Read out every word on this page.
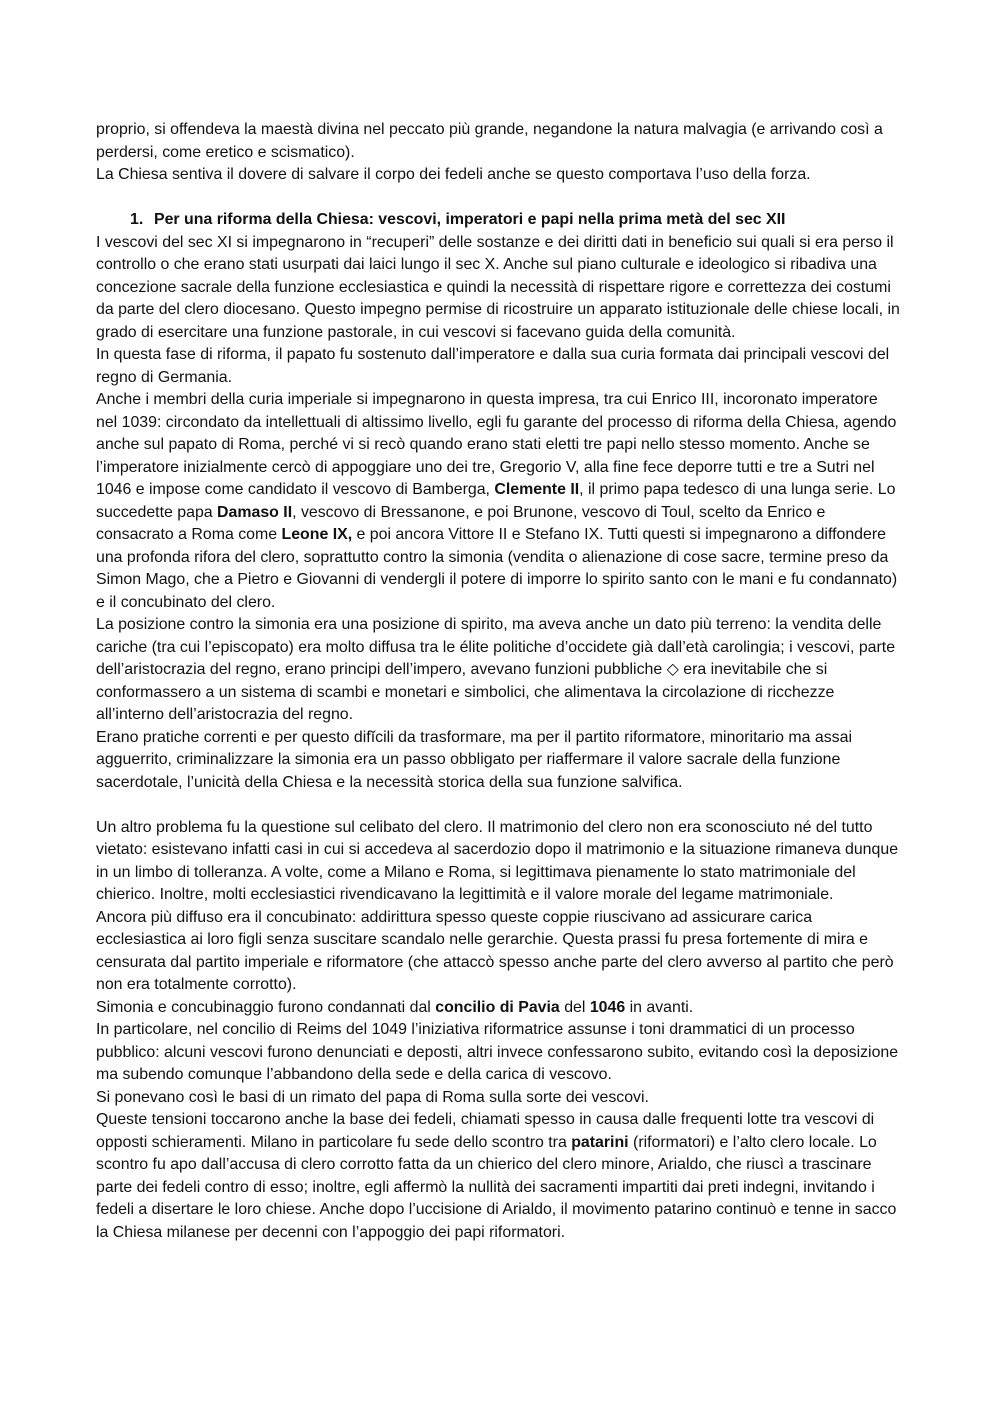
proprio, si offendeva la maestà divina nel peccato più grande, negandone la natura malvagia (e arrivando così a perdersi, come eretico e scismatico).

La Chiesa sentiva il dovere di salvare il corpo dei fedeli anche se questo comportava l’uso della forza.

1. Per una riforma della Chiesa: vescovi, imperatori e papi nella prima metà del sec XII

I vescovi del sec XI si impegnarono in “recuperi” delle sostanze e dei diritti dati in beneficio sui quali si era perso il controllo o che erano stati usurpati dai laici lungo il sec X. Anche sul piano culturale e ideologico si ribadiva una concezione sacrale della funzione ecclesiastica e quindi la necessità di rispettare rigore e correttezza dei costumi da parte del clero diocesano. Questo impegno permise di ricostruire un apparato istituzionale delle chiese locali, in grado di esercitare una funzione pastorale, in cui vescovi si facevano guida della comunità.

In questa fase di riforma, il papato fu sostenuto dall’imperatore e dalla sua curia formata dai principali vescovi del regno di Germania.

Anche i membri della curia imperiale si impegnarono in questa impresa, tra cui Enrico III, incoronato imperatore nel 1039: circondato da intellettuali di altissimo livello, egli fu garante del processo di riforma della Chiesa, agendo anche sul papato di Roma, perché vi si recò quando erano stati eletti tre papi nello stesso momento. Anche se l’imperatore inizialmente cercò di appoggiare uno dei tre, Gregorio V, alla fine fece deporre tutti e tre a Sutri nel 1046 e impose come candidato il vescovo di Bamberga, Clemente II, il primo papa tedesco di una lunga serie. Lo succedette papa Damaso II, vescovo di Bressanone, e poi Brunone, vescovo di Toul, scelto da Enrico e consacrato a Roma come Leone IX, e poi ancora Vittore II e Stefano IX. Tutti questi si impegnarono a diffondere una profonda rifora del clero, soprattutto contro la simonia (vendita o alienazione di cose sacre, termine preso da Simon Mago, che a Pietro e Giovanni di vendergli il potere di imporre lo spirito santo con le mani e fu condannato) e il concubinato del clero.

La posizione contro la simonia era una posizione di spirito, ma aveva anche un dato più terreno: la vendita delle cariche (tra cui l’episcopato) era molto diffusa tra le élite politiche d’occidete già dall’età carolingia; i vescovi, parte dell’aristocrazia del regno, erano principi dell’impero, avevano funzioni pubbliche ◇ era inevitabile che si conformassero a un sistema di scambi e monetari e simbolici, che alimentava la circolazione di ricchezze all’interno dell’aristocrazia del regno.

Erano pratiche correnti e per questo difĭcili da trasformare, ma per il partito riformatore, minoritario ma assai agguerrito, criminalizzare la simonia era un passo obbligato per riaffermare il valore sacrale della funzione sacerdotale, l’unicità della Chiesa e la necessità storica della sua funzione salvifica.

Un altro problema fu la questione sul celibato del clero. Il matrimonio del clero non era sconosciuto né del tutto vietato: esistevano infatti casi in cui si accedeva al sacerdozio dopo il matrimonio e la situazione rimaneva dunque in un limbo di tolleranza. A volte, come a Milano e Roma, si legittimava pienamente lo stato matrimoniale del chierico. Inoltre, molti ecclesiastici rivendicavano la legittimità e il valore morale del legame matrimoniale.

Ancora più diffuso era il concubinato: addirittura spesso queste coppie riuscivano ad assicurare carica ecclesiastica ai loro figli senza suscitare scandalo nelle gerarchie. Questa prassi fu presa fortemente di mira e censurata dal partito imperiale e riformatore (che attaccò spesso anche parte del clero avverso al partito che però non era totalmente corrotto).

Simonia e concubinaggio furono condannati dal concilio di Pavia del 1046 in avanti.

In particolare, nel concilio di Reims del 1049 l’iniziativa riformatrice assunse i toni drammatici di un processo pubblico: alcuni vescovi furono denunciati e deposti, altri invece confessarono subito, evitando così la deposizione ma subendo comunque l’abbandono della sede e della carica di vescovo.

Si ponevano così le basi di un rimato del papa di Roma sulla sorte dei vescovi.

Queste tensioni toccarono anche la base dei fedeli, chiamati spesso in causa dalle frequenti lotte tra vescovi di opposti schieramenti. Milano in particolare fu sede dello scontro tra patarini (riformatori) e l’alto clero locale. Lo scontro fu apo dall’accusa di clero corrotto fatta da un chierico del clero minore, Arialdo, che riuscì a trascinare parte dei fedeli contro di esso; inoltre, egli affermò la nullità dei sacramenti impartiti dai preti indegni, invitando i fedeli a disertare le loro chiese. Anche dopo l’uccisione di Arialdo, il movimento patarino continuò e tenne in sacco la Chiesa milanese per decenni con l’appoggio dei papi riformatori.
